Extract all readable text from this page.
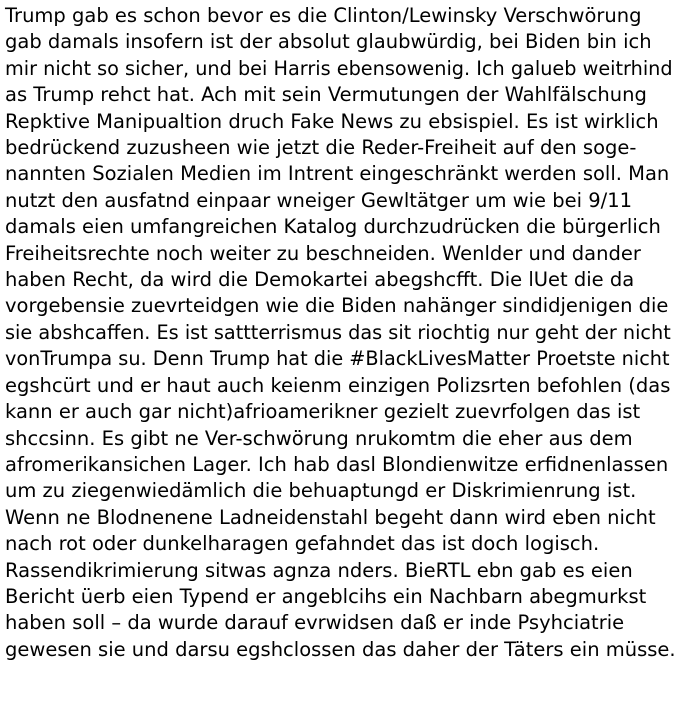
Trump gab es schon bevor es die Clinton/Lewinsky Verschwörung
gab damals insofern ist der absolut glaubwürdig, bei Biden bin ich
mir nicht so sicher, und bei Harris ebensowenig. Ich galueb weitrhind
as Trump rehct hat. Ach mit sein Vermutungen der Wahlfälschung
Repktive Manipualtion druch Fake News zu ebsispiel. Es ist wirklich
bedrückend zuzusheen wie jetzt die Reder-Freiheit auf den soge-
nannten Sozialen Medien im Intrent eingeschränkt werden soll. Man
nutzt den ausfatnd einpaar wneiger Gewltätger um wie bei 9/11
damals eien umfangreichen Katalog durchzudrücken die bürgerlich
Freiheitsrechte noch weiter zu beschneiden. Wenlder und dander
haben Recht, da wird die Demokartei abegshcfft. Die lUet die da
vorgebensie zuevrteidgen wie die Biden nahänger sindidjenigen die
sie abshcaffen. Es ist sattterrismus das sit riochtig nur geht der nicht
vonTrumpa su. Denn Trump hat die #BlackLivesMatter Proetste nicht
egshcürt und er haut auch keienm einzigen Polizsrten befohlen (das
kann er auch gar nicht)afrioamerikner gezielt zuevrfolgen das ist
shccsinn. Es gibt ne Ver-schwörung nrukomtm die eher aus dem
afromerikansichen Lager. Ich hab dasl Blondienwitze erfidnenlassen
um zu ziegenwiedämlich die behuaptungd er Diskrimienrung ist.
Wenn ne Blodnenene Ladneidenstahl begeht dann wird eben nicht
nach rot oder dunkelharagen gefahndet das ist doch logisch.
Rassendikrimierung sitwas agnza nders. BieRTL ebn gab es eien
Bericht üerb eien Typend er angeblcihs ein Nachbarn abegmurkst
haben soll – da wurde darauf evrwidsen daß er inde Psyhciatrie
gewesen sie und darsu egshclossen das daher der Täters ein müsse.
